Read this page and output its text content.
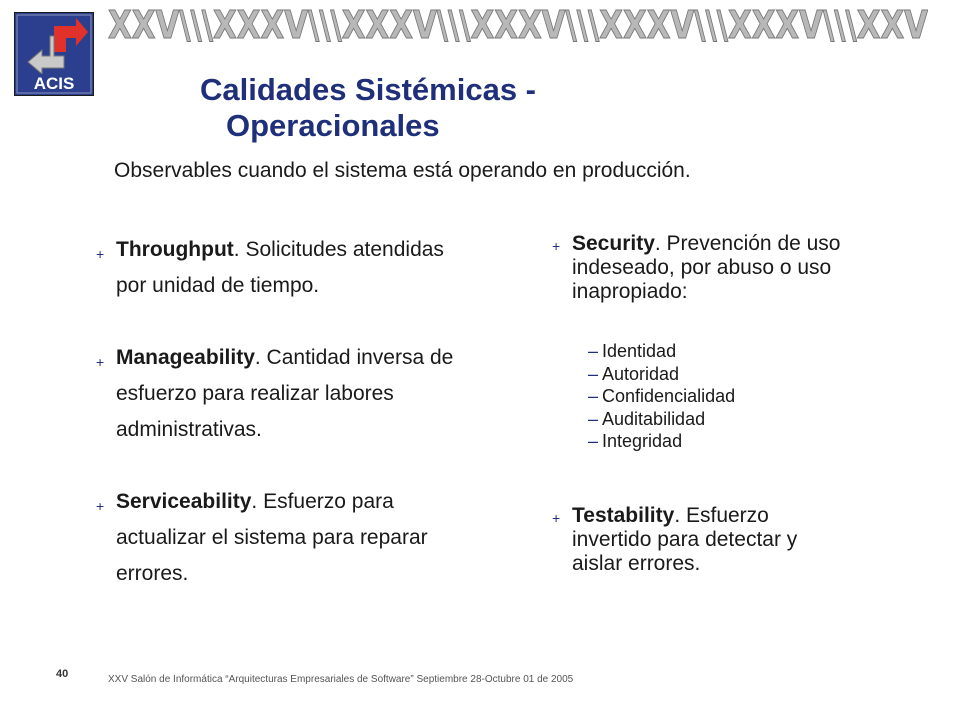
ACIS
XXV\\\XXXV\\\XXXV\\\XXXV\\\XXXV\\\XXXV\\\XXV
Calidades Sistémicas -
Operacionales
Observables cuando el sistema está operando en producción.
+ Throughput. Solicitudes atendidas
por unidad de tiempo.
+ Manageability. Cantidad inversa de
esfuerzo para realizar labores
administrativas.
+ Serviceability. Esfuerzo para
actualizar el sistema para reparar
errores.
+ Security. Prevención de uso
indeseado, por abuso o uso
inapropiado:
– Identidad
– Autoridad
– Confidencialidad
– Auditabilidad
– Integridad
+ Testability. Esfuerzo
invertido para detectar y
aislar errores.
40	XXV Salón de Informática “Arquitecturas Empresariales de Software” Septiembre 28-Octubre 01 de 2005
